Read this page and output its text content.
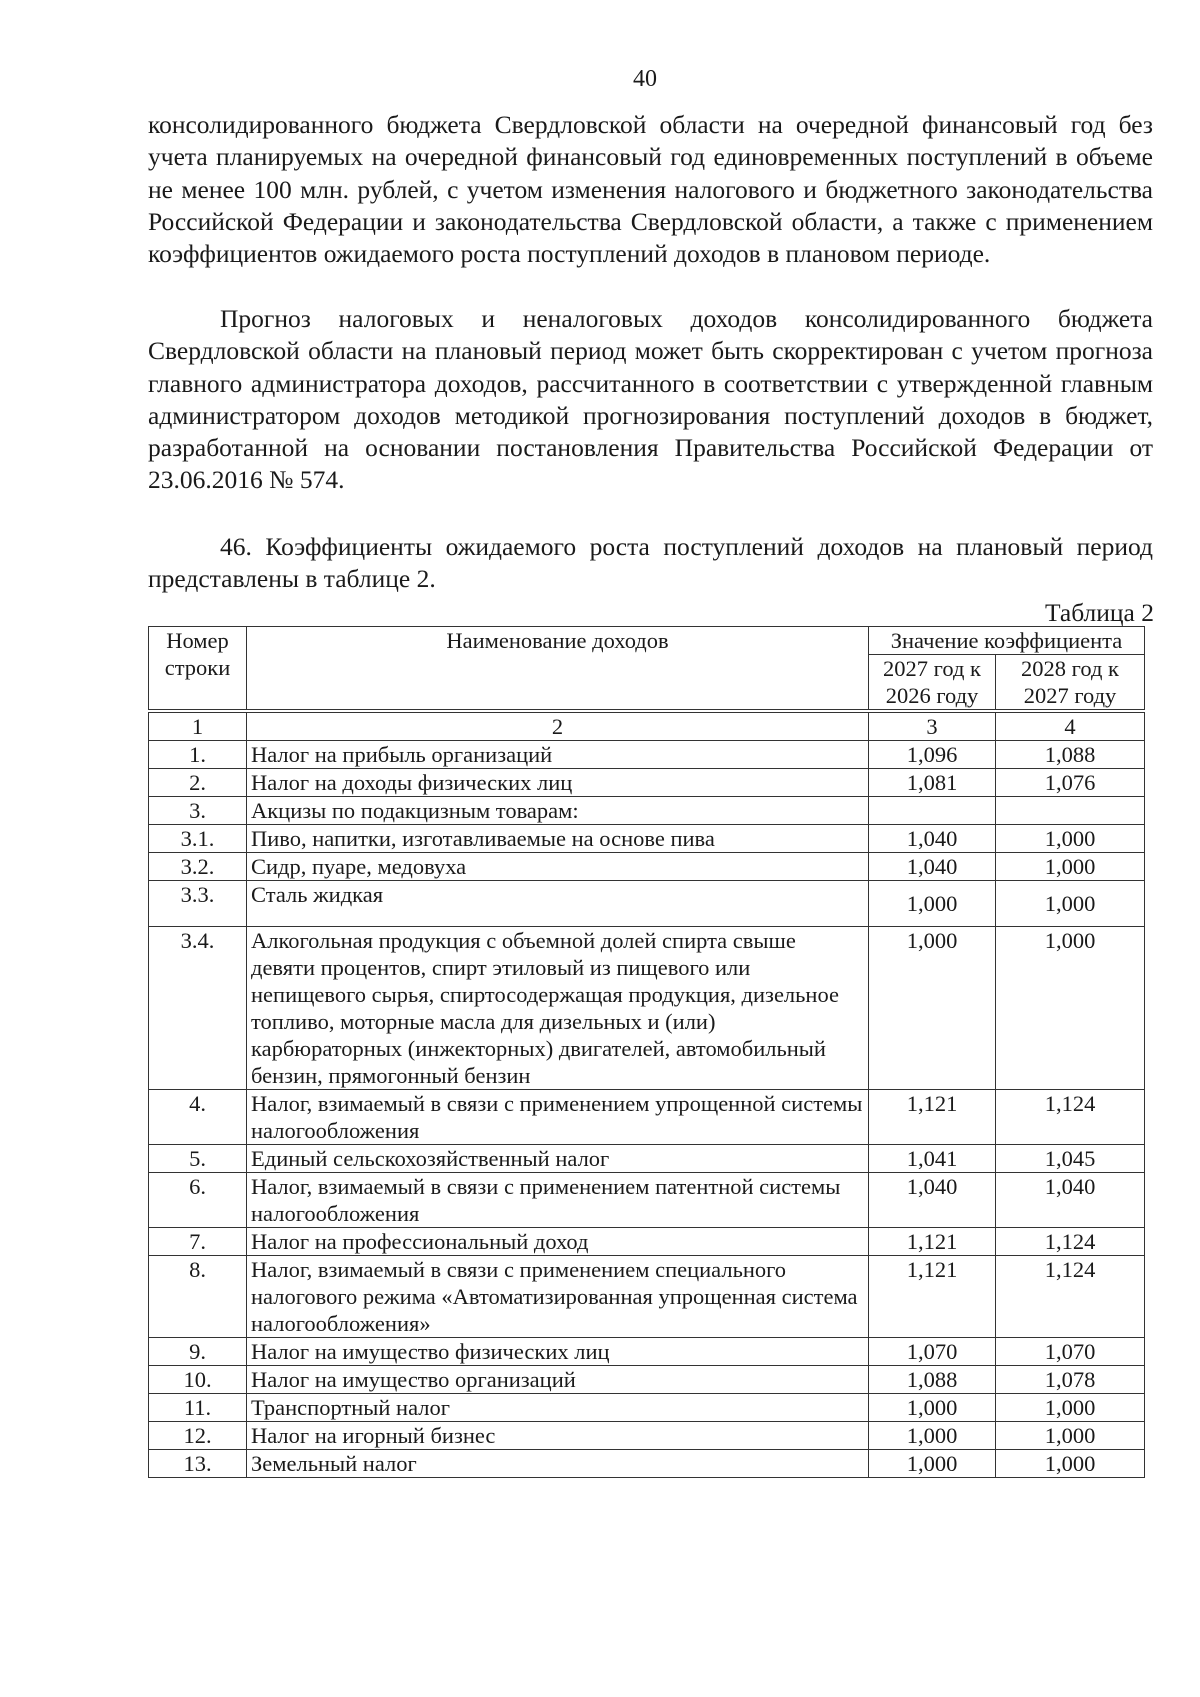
40

консолидированного бюджета Свердловской области на очередной финансовый год без учета планируемых на очередной финансовый год единовременных поступлений в объеме не менее 100 млн. рублей, с учетом изменения налогового и бюджетного законодательства Российской Федерации и законодательства Свердловской области, а также с применением коэффициентов ожидаемого роста поступлений доходов в плановом периоде.

Прогноз налоговых и неналоговых доходов консолидированного бюджета Свердловской области на плановый период может быть скорректирован с учетом прогноза главного администратора доходов, рассчитанного в соответствии с утвержденной главным администратором доходов методикой прогнозирования поступлений доходов в бюджет, разработанной на основании постановления Правительства Российской Федерации от 23.06.2016 № 574.

46. Коэффициенты ожидаемого роста поступлений доходов на плановый период представлены в таблице 2.

Таблица 2
Номер строки	Наименование доходов	Значение коэффициента	
		2027 год к 2026 году	2028 год к 2027 году
1	2	3	4
1.	Налог на прибыль организаций	1,096	1,088
2.	Налог на доходы физических лиц	1,081	1,076
3.	Акцизы по подакцизным товарам:		
3.1.	Пиво, напитки, изготавливаемые на основе пива	1,040	1,000
3.2.	Сидр, пуаре, медовуха	1,040	1,000
3.3.	Сталь жидкая	1,000	1,000
3.4.	Алкогольная продукция с объемной долей спирта свыше девяти процентов, спирт этиловый из пищевого или непищевого сырья, спиртосодержащая продукция, дизельное топливо, моторные масла для дизельных и (или) карбюраторных (инжекторных) двигателей, автомобильный бензин, прямогонный бензин	1,000	1,000
4.	Налог, взимаемый в связи с применением упрощенной системы налогообложения	1,121	1,124
5.	Единый сельскохозяйственный налог	1,041	1,045
6.	Налог, взимаемый в связи с применением патентной системы налогообложения	1,040	1,040
7.	Налог на профессиональный доход	1,121	1,124
8.	Налог, взимаемый в связи с применением специального налогового режима «Автоматизированная упрощенная система налогообложения»	1,121	1,124
9.	Налог на имущество физических лиц	1,070	1,070
10.	Налог на имущество организаций	1,088	1,078
11.	Транспортный налог	1,000	1,000
12.	Налог на игорный бизнес	1,000	1,000
13.	Земельный налог	1,000	1,000
